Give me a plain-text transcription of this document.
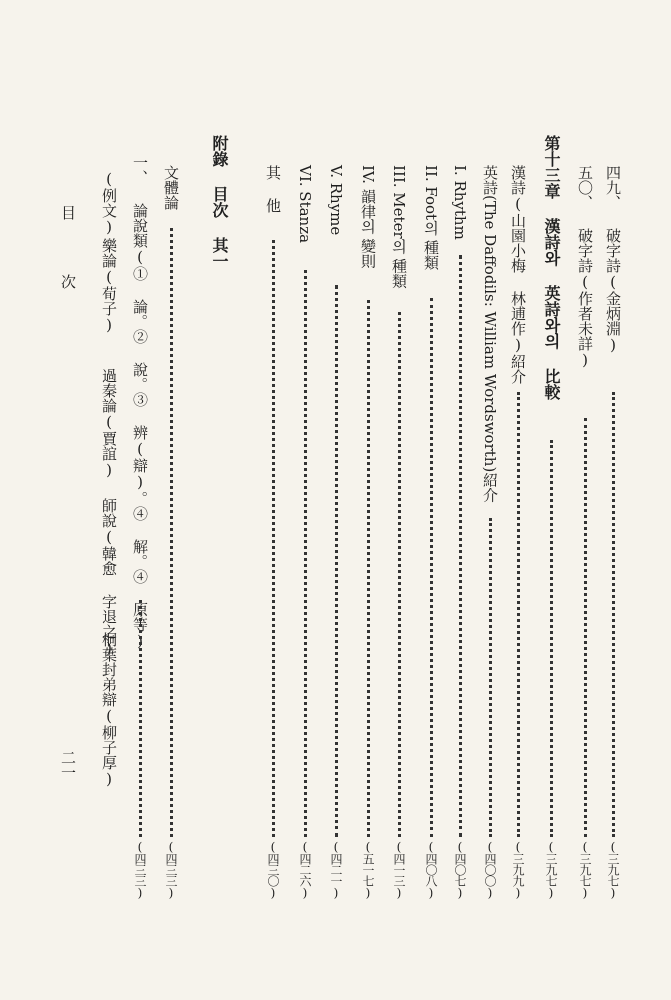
四九、 破字詩(金炳淵)
(三九七)
五〇、 破字詩(作者未詳)
(三九七)
第十三章 漢詩와 英詩와의 比較
(三九七)
漢詩(山園小梅 林逋作)紹介
(三九九)
英詩(The Daffodils: William Wordsworth)紹介
(四〇〇)
I. Rhythm
(四〇七)
II. Foot의 種類
(四〇八)
III. Meter의 種類
(四一三)
IV. 韻律의 變則
(五一七)
V. Rhyme
(四二一)
VI. Stanza
(四二六)
其 他
(四三〇)
附錄 目次 其一
文體論
(四三三)
一、 論說類(① 論。② 說。③ 辨(辯)。④ 解。④ 原等)
(四三三)
(例文)
樂論(荀子)
過秦論(賈誼)
師說(韓愈 字退之)
桐葉封弟辯(柳子厚)
目 次
二一
